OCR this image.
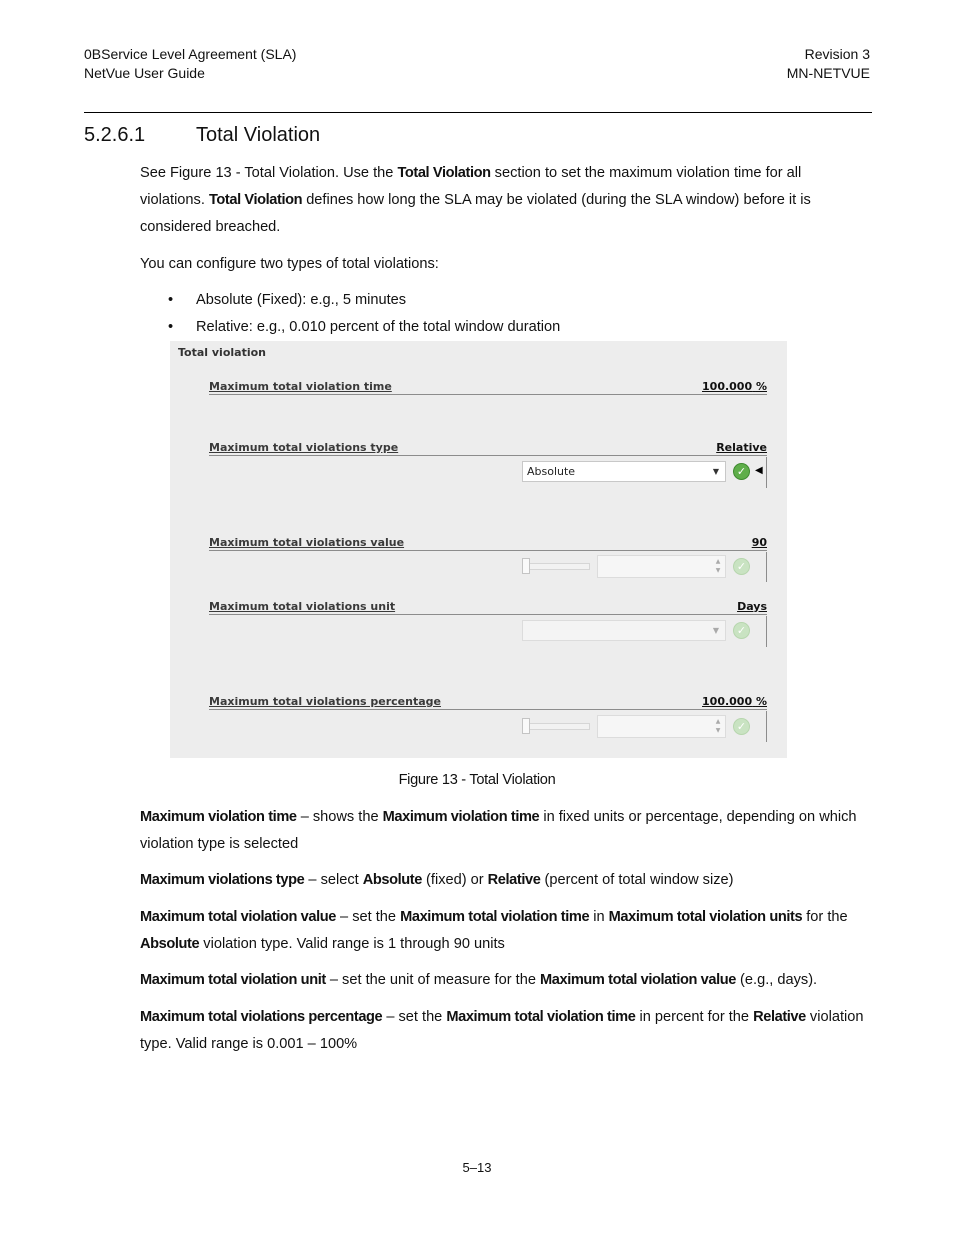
0BService Level Agreement (SLA)
NetVue User Guide
Revision 3
MN-NETVUE
5.2.6.1	Total Violation
See Figure 13 - Total Violation. Use the Total Violation section to set the maximum violation time for all violations. Total Violation defines how long the SLA may be violated (during the SLA window) before it is considered breached.
You can configure two types of total violations:
• Absolute (Fixed): e.g., 5 minutes
• Relative: e.g., 0.010 percent of the total window duration
Total violation
Maximum total violation time	100.000 %
Maximum total violations type	Relative
Absolute	▼	✓ ◀
Maximum total violations value	90
▲
▼	✓
Maximum total violations unit	Days
▼	✓
Maximum total violations percentage	100.000 %
▲
▼	✓
Figure 13 - Total Violation
Maximum violation time – shows the Maximum violation time in fixed units or percentage, depending on which violation type is selected
Maximum violations type – select Absolute (fixed) or Relative (percent of total window size)
Maximum total violation value – set the Maximum total violation time in Maximum total violation units for the Absolute violation type. Valid range is 1 through 90 units
Maximum total violation unit – set the unit of measure for the Maximum total violation value (e.g., days).
Maximum total violations percentage – set the Maximum total violation time in percent for the Relative violation type. Valid range is 0.001 – 100%
5–13
